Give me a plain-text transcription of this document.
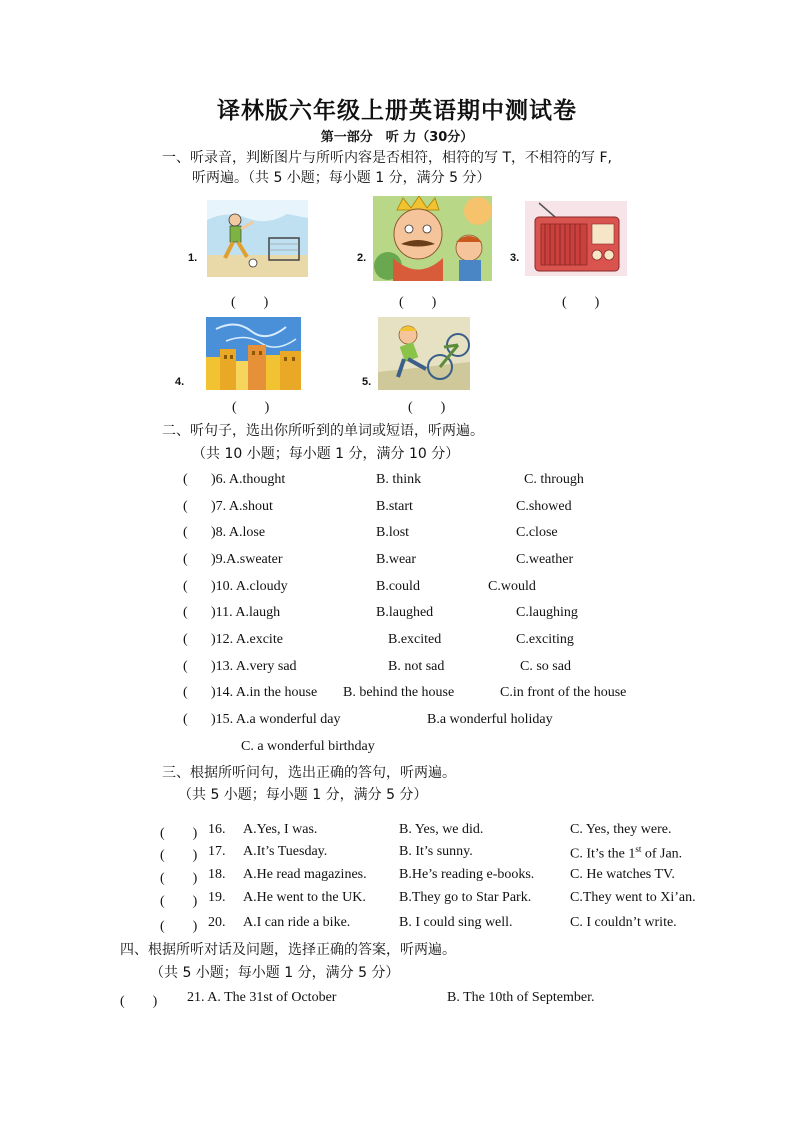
译林版六年级上册英语期中测试卷
第一部分　听 力（30分）
一、听录音，判断图片与所听内容是否相符，相符的写 T，不相符的写 F,
听两遍。（共 5 小题；每小题 1 分，满分 5 分）
1.
(　　)
2.
(　　)
3.
(　　)
4.
(　　)
5.
(　　)
二、听句子，选出你所听到的单词或短语，听两遍。
（共 10 小题；每小题 1 分，满分 10 分）
( )6. A.thought	B. think	C. through
( )7. A.shout	B.start	C.showed
( )8. A.lose	B.lost	C.close
( )9.A.sweater	B.wear	C.weather
( )10. A.cloudy	B.could	C.would
( )11. A.laugh	B.laughed	C.laughing
( )12. A.excite	B.excited	C.exciting
( )13. A.very sad	B. not sad	C. so sad
( )14. A.in the house B. behind the house	C.in front of the house
( )15. A.a wonderful day	B.a wonderful holiday
C. a wonderful birthday
三、根据所听问句，选出正确的答句，听两遍。
（共 5 小题；每小题 1 分，满分 5 分）
(　　) 16. A.Yes, I was.	B. Yes, we did.	C. Yes, they were.
(　　) 17. A.It’s Tuesday.	B. It’s sunny.	C. It’s the 1st of Jan.
(　　) 18. A.He read magazines. B.He’s reading e-books.	C. He watches TV.
(　　) 19. A.He went to the UK. B.They go to Star Park.	C.They went to Xi’an.
(　　) 20. A.I can ride a bike.	B. I could sing well.	C. I couldn’t write.
四、根据所听对话及问题，选择正确的答案，听两遍。
（共 5 小题；每小题 1 分，满分 5 分）
(　　) 21. A. The 31st of October	B. The 10th of September.
